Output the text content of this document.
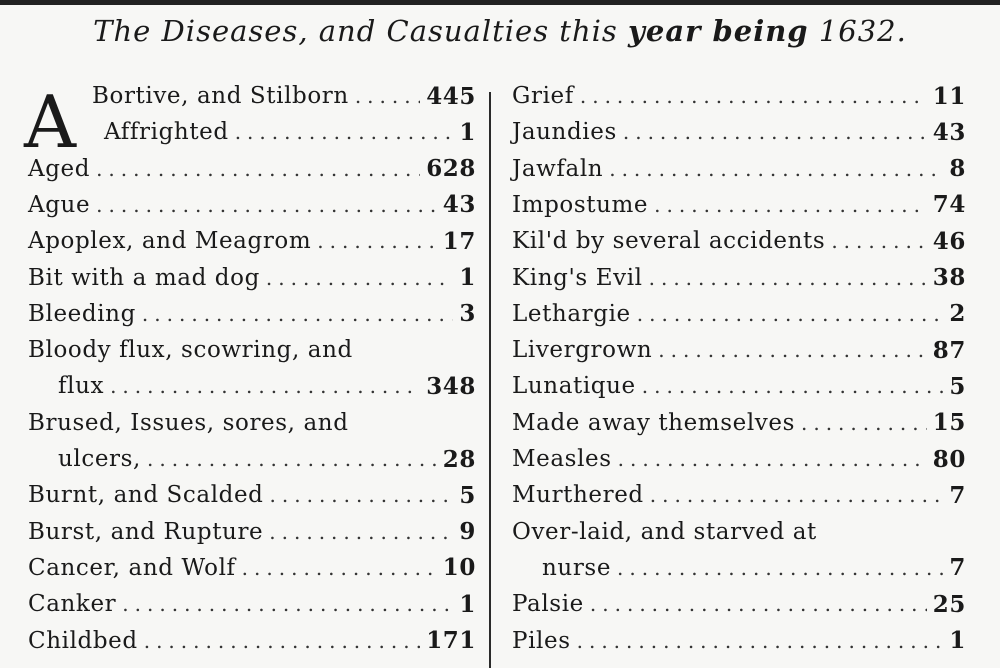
The Diseases, and Casualties this year being 1632.
A Bortive, and Stilborn .....	445
Affrighted .....	1
Aged .....	628
Ague .....	43
Apoplex, and Meagrom .....	17
Bit with a mad dog .....	1
Bleeding .....	3
Bloody flux, scowring, and
flux .....	348
Brused, Issues, sores, and
ulcers, .....	28
Burnt, and Scalded .....	5
Burst, and Rupture .....	9
Cancer, and Wolf .....	10
Canker .....	1
Childbed .....	171
Grief .....	11
Jaundies .....	43
Jawfaln .....	8
Impostume .....	74
Kil'd by several accidents .....	46
King's Evil .....	38
Lethargie .....	2
Livergrown .....	87
Lunatique .....	5
Made away themselves .....	15
Measles .....	80
Murthered .....	7
Over-laid, and starved at
nurse .....	7
Palsie .....	25
Piles .....	1
